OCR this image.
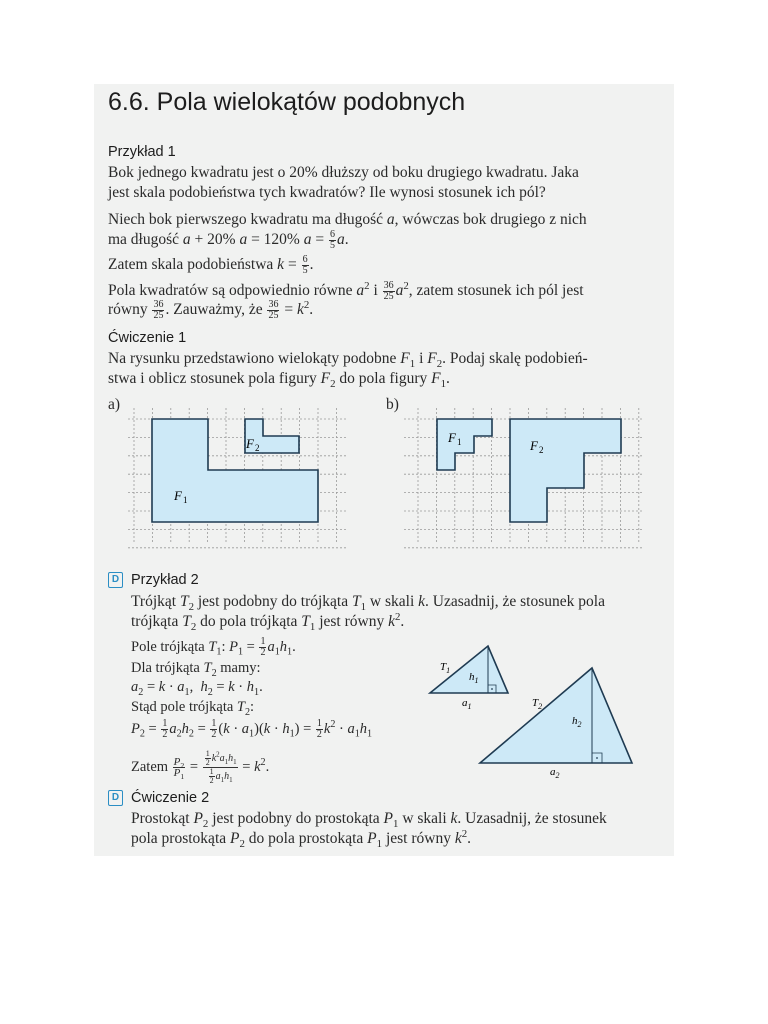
6.6. Pola wielokątów podobnych
Przykład 1
Bok jednego kwadratu jest o 20% dłuższy od boku drugiego kwadratu. Jaka
jest skala podobieństwa tych kwadratów? Ile wynosi stosunek ich pól?
Niech bok pierwszego kwadratu ma długość a, wówczas bok drugiego z nich
ma długość a + 20% a = 120% $a = \frac{6}{5} a$.
Zatem skala podobieństwa $k = \frac{6}{5}$ .
Pola kwadratów są odpowiednio równe $a^2$ i $\frac{36}{25} a^2$, zatem stosunek ich pól jest
równy $\frac{36}{25}$ . Zauważmy, że $\frac{36}{25} = k^2$.
Ćwiczenie 1
Na rysunku przedstawiono wielokąty podobne $F_1$ i $F_2$. Podaj skalę podobień-
stwa i oblicz stosunek pola figury $F_2$ do pola figury $F_1$.
a)	b)
F 1
F 2
F 1	F 2
D Przykład 2
Trójkąt $T_2$ jest podobny do trójkąta $T_1$ w skali k. Uzasadnij, że stosunek pola
trójkąta $T_2$ do pola trójkąta $T_1$ jest równy $k^2$.
Pole trójkąta $T_1$: $P_1 = \frac{1}{2} a_1h_1$.
Dla trójkąta $T_2$ mamy:
$a_2 = k \cdot a_1$,  $h_2 = k \cdot h_1$.
Stąd pole trójkąta $T_2$:
$P_2 = \frac{1}{2} a_2h_2 = \frac{1}{2} (k \cdot a_1)(k \cdot h_1) = \frac{1}{2} k^2 \cdot a_1h_1$
Zatem $\frac{P_2}{P_1} = \frac{\frac{1}{2} k^2a_1h_1}{\frac{1}{2} a_1h_1} = k^2$.
$T_1$
$h_1$
$a_1$	$T_2$
$h_2$
$a_2$
D Ćwiczenie 2
Prostokąt $P_2$ jest podobny do prostokąta $P_1$ w skali k. Uzasadnij, że stosunek
pola prostokąta $P_2$ do pola prostokąta $P_1$ jest równy $k^2$.
